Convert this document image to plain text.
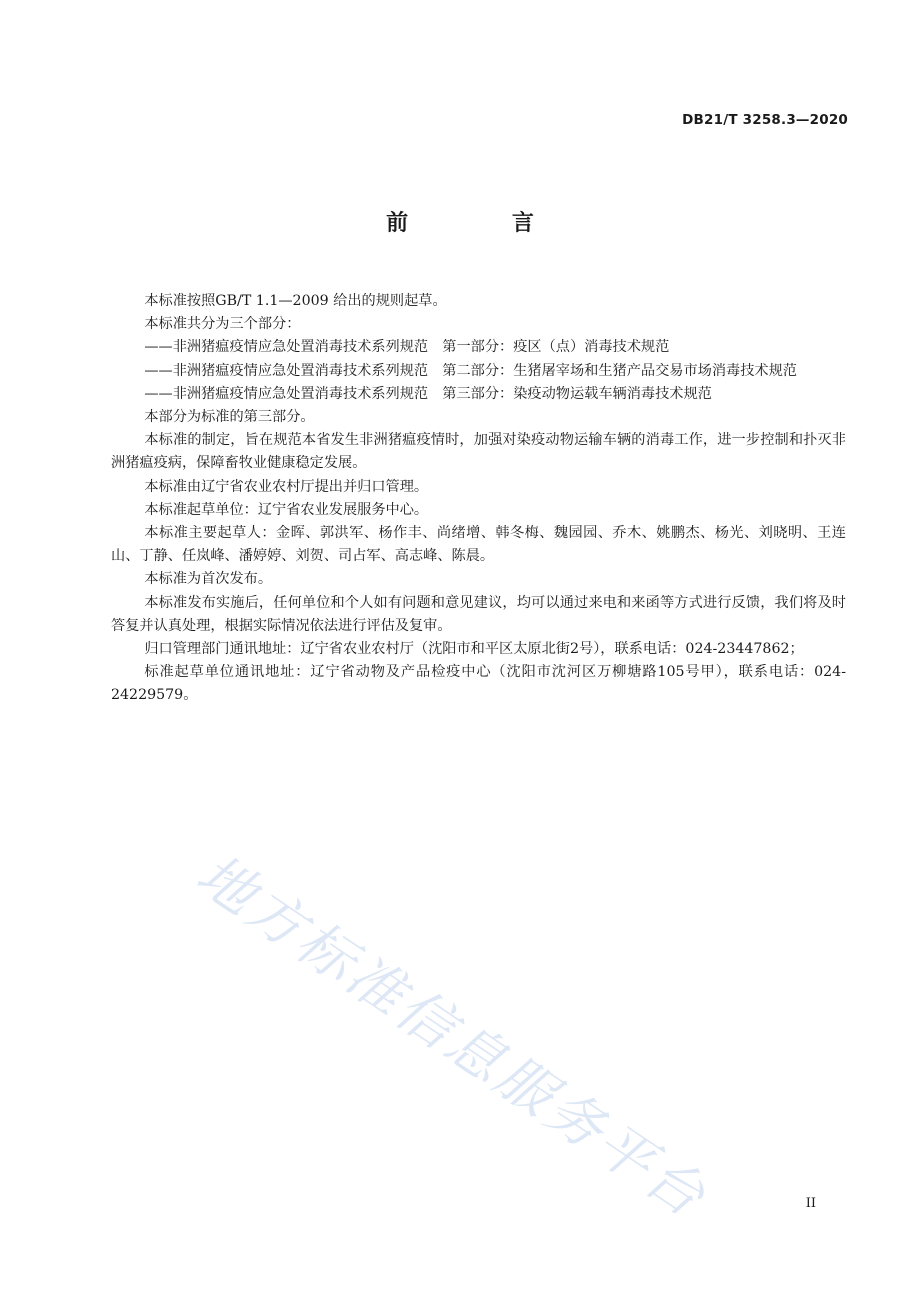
DB21/T 3258.3—2020
前 言

本标准按照GB/T 1.1—2009 给出的规则起草。

本标准共分为三个部分：

——非洲猪瘟疫情应急处置消毒技术系列规范　第一部分：疫区（点）消毒技术规范

——非洲猪瘟疫情应急处置消毒技术系列规范　第二部分：生猪屠宰场和生猪产品交易市场消毒技术规范

——非洲猪瘟疫情应急处置消毒技术系列规范　第三部分：染疫动物运载车辆消毒技术规范

本部分为标准的第三部分。

本标准的制定，旨在规范本省发生非洲猪瘟疫情时，加强对染疫动物运输车辆的消毒工作，进一步控制和扑灭非洲猪瘟疫病，保障畜牧业健康稳定发展。

本标准由辽宁省农业农村厅提出并归口管理。

本标准起草单位：辽宁省农业发展服务中心。

本标准主要起草人：金晖、郭洪军、杨作丰、尚绪增、韩冬梅、魏园园、乔木、姚鹏杰、杨光、刘晓明、王连山、丁静、任岚峰、潘婷婷、刘贺、司占军、高志峰、陈晨。

本标准为首次发布。

本标准发布实施后，任何单位和个人如有问题和意见建议，均可以通过来电和来函等方式进行反馈，我们将及时答复并认真处理，根据实际情况依法进行评估及复审。

归口管理部门通讯地址：辽宁省农业农村厅（沈阳市和平区太原北街2号），联系电话：024-23447862；

标准起草单位通讯地址：辽宁省动物及产品检疫中心（沈阳市沈河区万柳塘路105号甲），联系电话：024-24229579。

地方标准信息服务平台	II
